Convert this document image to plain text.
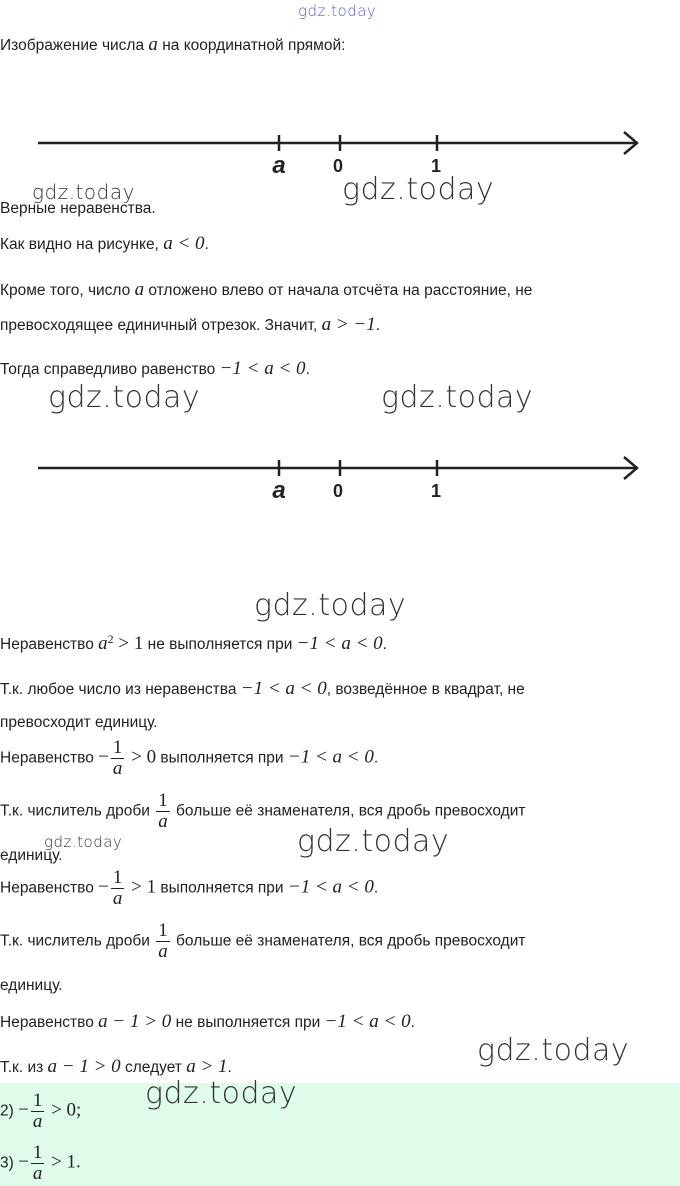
gdz.today
gdz.today	gdz.today
gdz.today	gdz.today
gdz.today
gdz.today	gdz.today
gdz.today
Изображение числа a на координатной прямой:
a	0	1
Верные неравенства.
Как видно на рисунке, a < 0.
Кроме того, число a отложено влево от начала отсчёта на расстояние, не
превосходящее единичный отрезок. Значит, a > −1.
Тогда справедливо равенство −1 < a < 0.
a	0	1
Неравенство $a^2 > 1$ не выполняется при −1 < a < 0.
Т.к. любое число из неравенства −1 < a < 0, возведённое в квадрат, не
превосходит единицу.
Неравенство − $\frac{1}{a} > 0$ выполняется при −1 < a < 0.
Т.к. числитель дроби $\frac{1}{a}$ больше её знаменателя, вся дробь превосходит
единицу.
Неравенство − $\frac{1}{a} > 1$ выполняется при −1 < a < 0.
Т.к. числитель дроби $\frac{1}{a}$ больше её знаменателя, вся дробь превосходит
единицу.
Неравенство a − 1 > 0 не выполняется при −1 < a < 0.
Т.к. из a − 1 > 0 следует a > 1.
$2) - \frac{1}{a} > 0$;
$3) - \frac{1}{a} > 1$.
gdz.today
